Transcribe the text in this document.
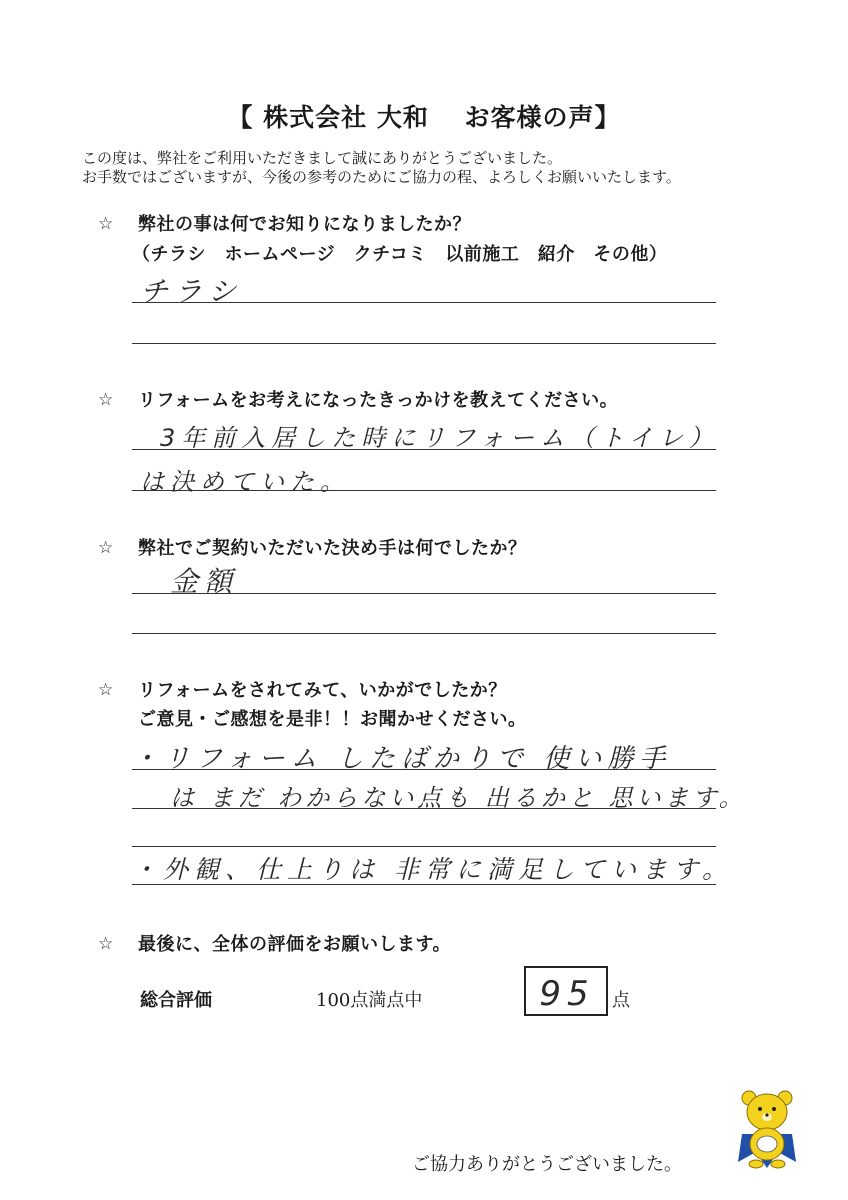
【 株式会社 大和　 お客様の声】
この度は、弊社をご利用いただきまして誠にありがとうございました。
お手数ではございますが、今後の参考のためにご協力の程、よろしくお願いいたします。
☆ 弊社の事は何でお知りになりましたか？
（チラシ　ホームページ　クチコミ　以前施工　紹介　その他）
チラシ
☆ リフォームをお考えになったきっかけを教えてください。
3年前入居した時にリフォーム（トイレ）
は決めていた。
☆ 弊社でご契約いただいた決め手は何でしたか？
金額
☆ リフォームをされてみて、いかがでしたか？
ご意見・ご感想を是非！！お聞かせください。
・リフォーム したばかりで 使い勝手
は まだ わからない点も 出るかと 思います。
・外観、仕上りは 非常に満足しています。
☆ 最後に、全体の評価をお願いします。
総合評価	100点満点中	95 点
ご協力ありがとうございました。
